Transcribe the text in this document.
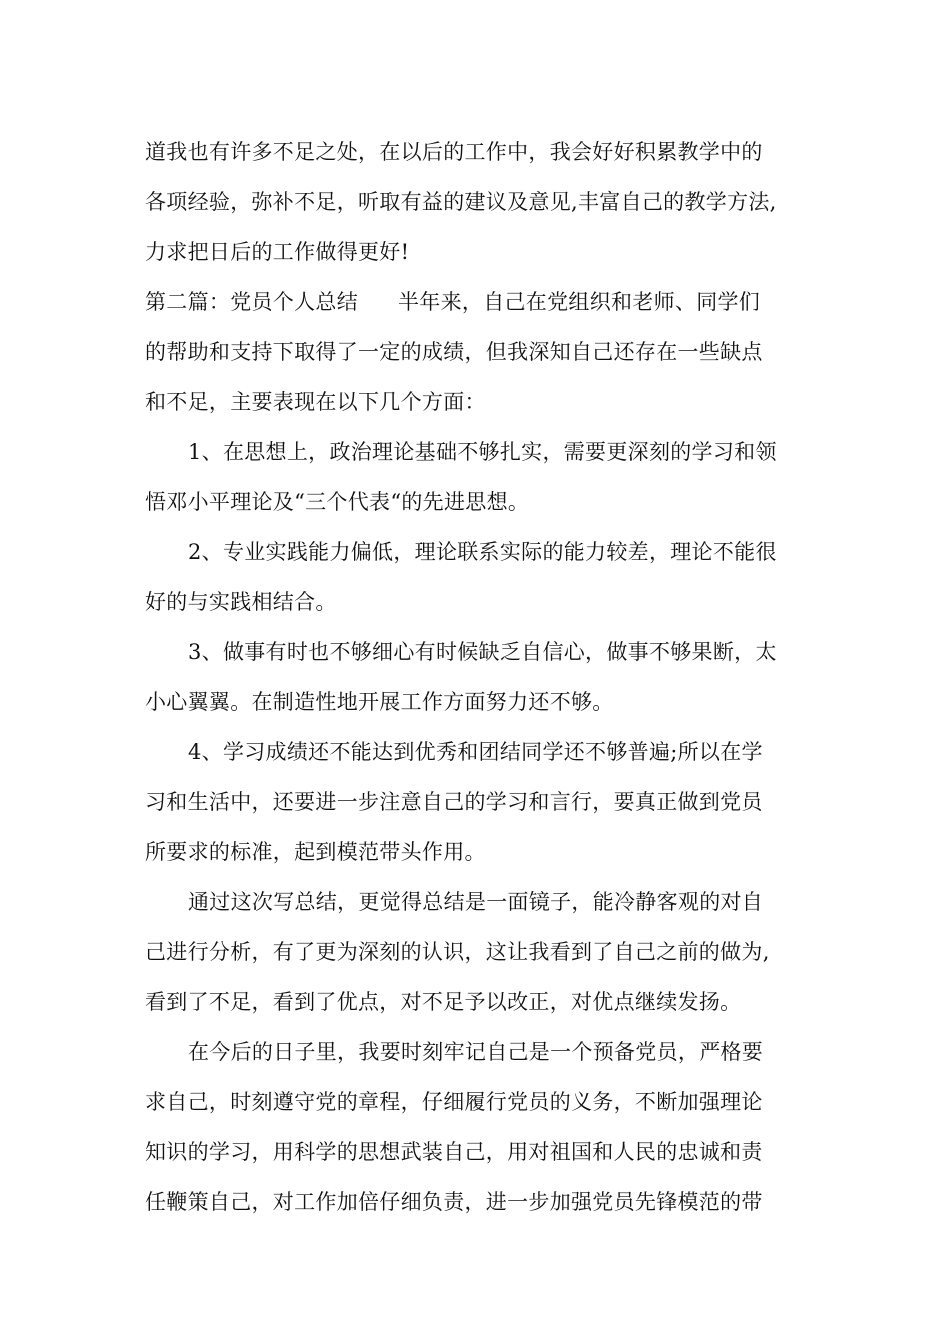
道我也有许多不足之处，在以后的工作中，我会好好积累教学中的
各项经验，弥补不足，听取有益的建议及意见,丰富自己的教学方法,
力求把日后的工作做得更好!
第二篇：党员个人总结 半年来，自己在党组织和老师、同学们
的帮助和支持下取得了一定的成绩，但我深知自己还存在一些缺点
和不足，主要表现在以下几个方面：
1、在思想上，政治理论基础不够扎实，需要更深刻的学习和领
悟邓小平理论及“三个代表“的先进思想。
2、专业实践能力偏低，理论联系实际的能力较差，理论不能很
好的与实践相结合。
3、做事有时也不够细心有时候缺乏自信心，做事不够果断，太
小心翼翼。在制造性地开展工作方面努力还不够。
4、学习成绩还不能达到优秀和团结同学还不够普遍;所以在学
习和生活中，还要进一步注意自己的学习和言行，要真正做到党员
所要求的标准，起到模范带头作用。
通过这次写总结，更觉得总结是一面镜子，能冷静客观的对自
己进行分析，有了更为深刻的认识，这让我看到了自己之前的做为,
看到了不足，看到了优点，对不足予以改正，对优点继续发扬。
在今后的日子里，我要时刻牢记自己是一个预备党员，严格要
求自己，时刻遵守党的章程，仔细履行党员的义务，不断加强理论
知识的学习，用科学的思想武装自己，用对祖国和人民的忠诚和责
任鞭策自己，对工作加倍仔细负责，进一步加强党员先锋模范的带
